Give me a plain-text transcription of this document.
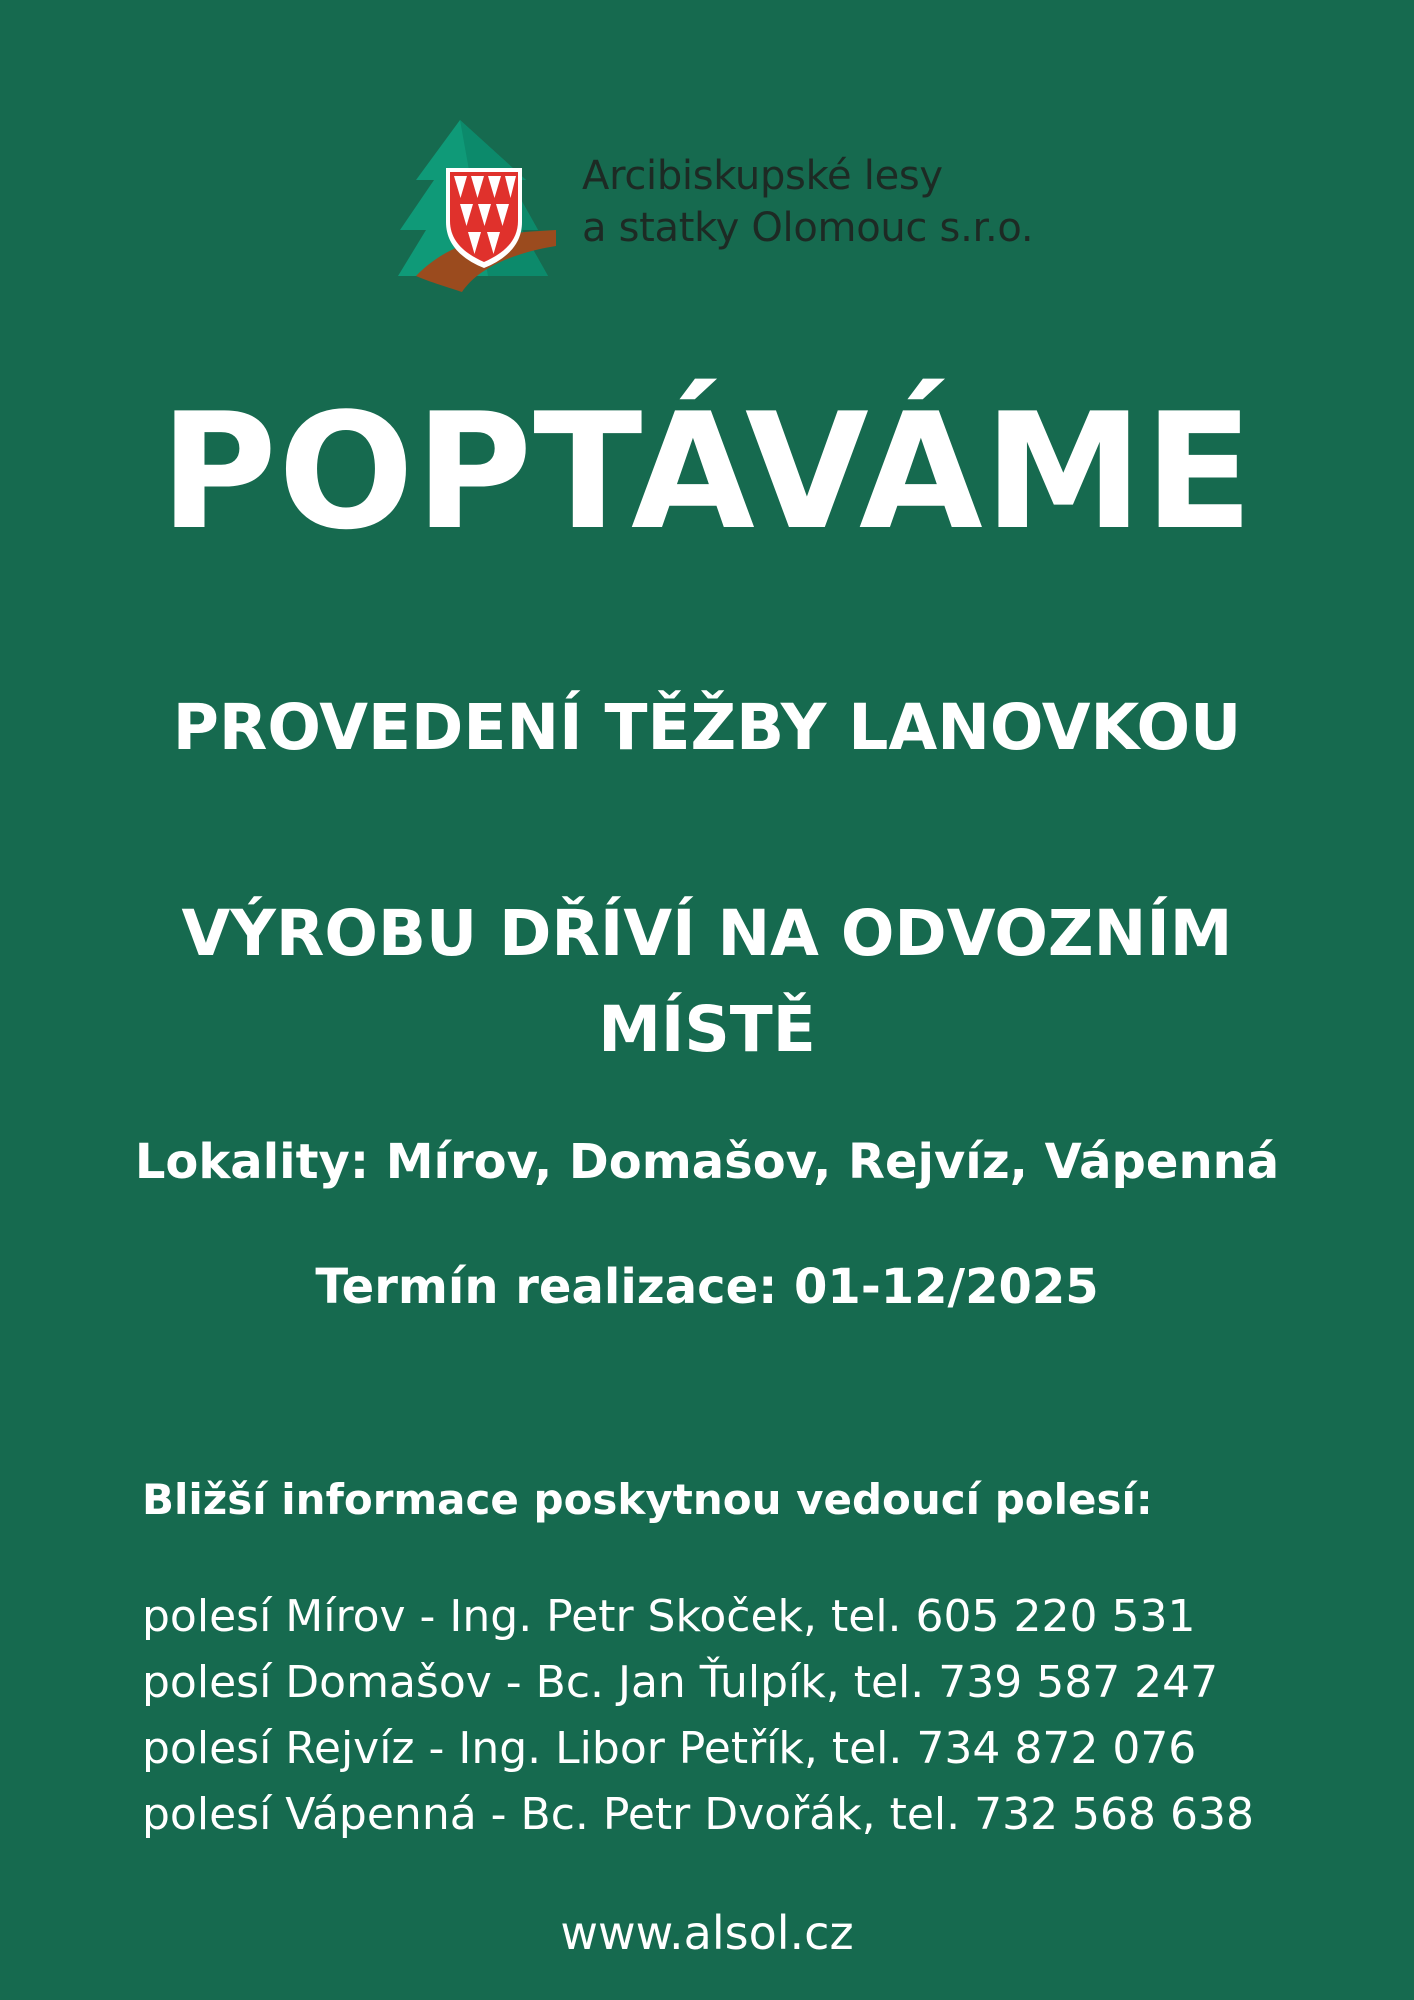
Arcibiskupské lesy
a statky Olomouc s.r.o.
POPTÁVÁME
PROVEDENÍ TĚŽBY LANOVKOU
VÝROBU DŘÍVÍ NA ODVOZNÍM
MÍSTĚ
Lokality: Mírov, Domašov, Rejvíz, Vápenná
Termín realizace: 01-12/2025
Bližší informace poskytnou vedoucí polesí:
polesí Mírov - Ing. Petr Skoček, tel. 605 220 531
polesí Domašov - Bc. Jan Ťulpík, tel. 739 587 247
polesí Rejvíz - Ing. Libor Petřík, tel. 734 872 076
polesí Vápenná - Bc. Petr Dvořák, tel. 732 568 638
www.alsol.cz
